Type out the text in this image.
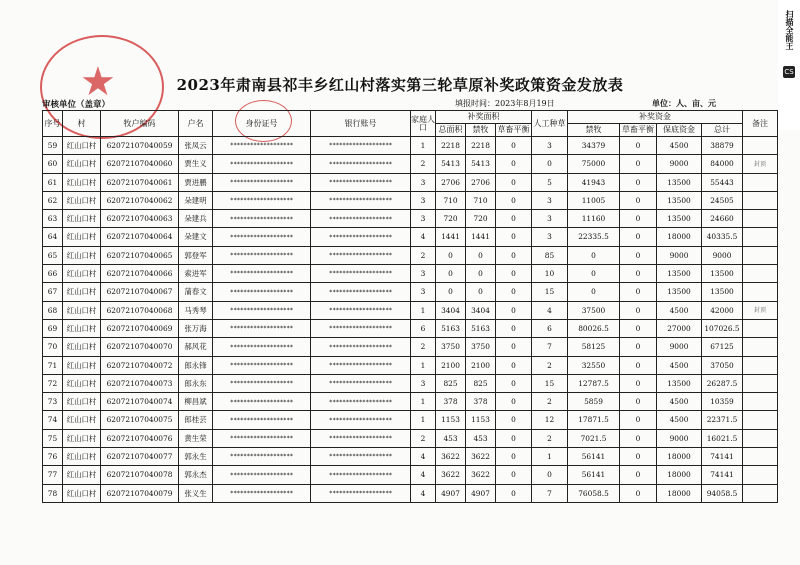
★	2023年肃南县祁丰乡红山村落实第三轮草原补奖政策资金发放表
审核单位（盖章）	填报时间：2023年8月19日	单位：人、亩、元
扫描全能王
CS
序号	村	牧户编码	户名	身份证号	银行账号	家庭人口	补奖面积			人工种草	补奖资金				备注
							总面积	禁牧	草畜平衡		禁牧	草畜平衡	保底资金	总计	
59	红山口村	62072107040059	张凤云	*******************	*******************	1	2218	2218	0	3	34379	0	4500	38879	
60	红山口村	62072107040060	贾生义	*******************	*******************	2	5413	5413	0	0	75000	0	9000	84000	封顶
61	红山口村	62072107040061	贾进鹏	*******************	*******************	3	2706	2706	0	5	41943	0	13500	55443	
62	红山口村	62072107040062	朵建明	*******************	*******************	3	710	710	0	3	11005	0	13500	24505	
63	红山口村	62072107040063	朵建兵	*******************	*******************	3	720	720	0	3	11160	0	13500	24660	
64	红山口村	62072107040064	朵建文	*******************	*******************	4	1441	1441	0	3	22335.5	0	18000	40335.5	
65	红山口村	62072107040065	郭登军	*******************	*******************	2	0	0	0	85	0	0	9000	9000	
66	红山口村	62072107040066	索进军	*******************	*******************	3	0	0	0	10	0	0	13500	13500	
67	红山口村	62072107040067	蒲春文	*******************	*******************	3	0	0	0	15	0	0	13500	13500	
68	红山口村	62072107040068	马秀琴	*******************	*******************	1	3404	3404	0	4	37500	0	4500	42000	封顶
69	红山口村	62072107040069	张万海	*******************	*******************	6	5163	5163	0	6	80026.5	0	27000	107026.5	
70	红山口村	62072107040070	郝风花	*******************	*******************	2	3750	3750	0	7	58125	0	9000	67125	
71	红山口村	62072107040072	郎永锋	*******************	*******************	1	2100	2100	0	2	32550	0	4500	37050	
72	红山口村	62072107040073	郎永东	*******************	*******************	3	825	825	0	15	12787.5	0	13500	26287.5	
73	红山口村	62072107040074	柳昌斌	*******************	*******************	1	378	378	0	2	5859	0	4500	10359	
74	红山口村	62072107040075	郎桂芸	*******************	*******************	1	1153	1153	0	12	17871.5	0	4500	22371.5	
75	红山口村	62072107040076	黄生荣	*******************	*******************	2	453	453	0	2	7021.5	0	9000	16021.5	
76	红山口村	62072107040077	郭永生	*******************	*******************	4	3622	3622	0	1	56141	0	18000	74141	
77	红山口村	62072107040078	郭永杰	*******************	*******************	4	3622	3622	0	0	56141	0	18000	74141	
78	红山口村	62072107040079	张义生	*******************	*******************	4	4907	4907	0	7	76058.5	0	18000	94058.5	
